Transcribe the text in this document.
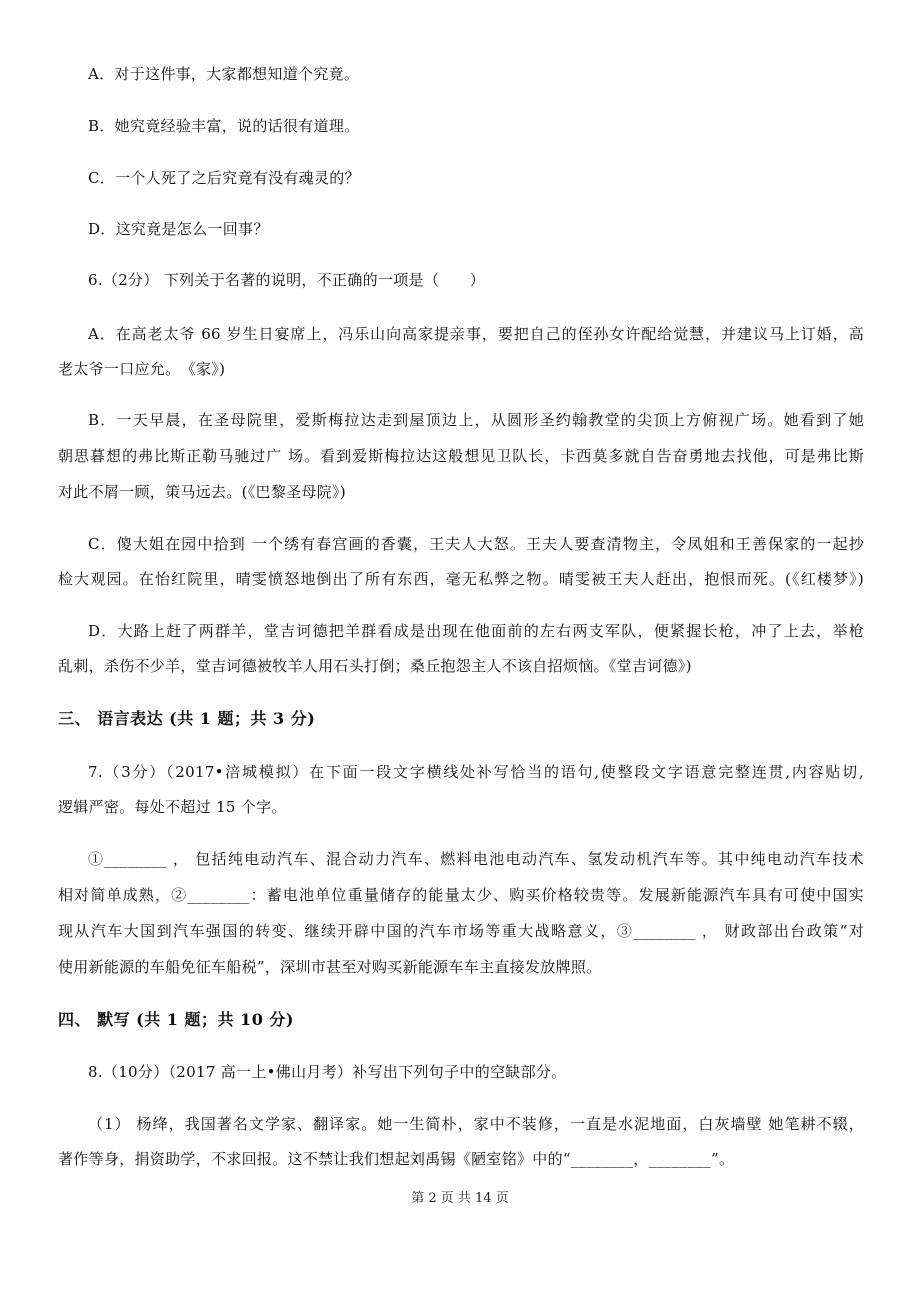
A．对于这件事，大家都想知道个究竟。
B．她究竟经验丰富，说的话很有道理。
C．一个人死了之后究竟有没有魂灵的？
D．这究竟是怎么一回事？
6.（2分） 下列关于名著的说明，不正确的一项是（　　）
A．在高老太爷 66 岁生日宴席上，冯乐山向高家提亲事，要把自己的侄孙女许配给觉慧，并建议马上订婚，高
老太爷一口应允。　《家》)
B．一天早晨，在圣母院里，爱斯梅拉达走到屋顶边上，从圆形圣约翰教堂的尖顶上方俯视广场。她看到了她
朝思暮想的弗比斯正勒马驰过广 场。看到爱斯梅拉达这般想见卫队长，卡西莫多就自告奋勇地去找他，可是弗比斯
对此不屑一顾，策马远去。(《巴黎圣母院》)
C．傻大姐在园中拾到 一个绣有春宫画的香囊，王夫人大怒。王夫人要查清物主，令凤姐和王善保家的一起抄
检大观园。在怡红院里，晴雯愤怒地倒出了所有东西，毫无私弊之物。晴雯被王夫人赶出，抱恨而死。(《红楼梦》)
D．大路上赶了两群羊，堂吉诃德把羊群看成是出现在他面前的左右两支军队，便紧握长枪，冲了上去，举枪
乱刺，杀伤不少羊，堂吉诃德被牧羊人用石头打倒；桑丘抱怨主人不该自招烦恼。《堂吉诃德》)
三、 语言表达 (共 1 题；共 3 分)
7.（3分）（2017•涪城模拟）在下面一段文字横线处补写恰当的语句,使整段文字语意完整连贯,内容贴切,
逻辑严密。每处不超过 15 个字。
①________ ， 包括纯电动汽车、混合动力汽车、燃料电池电动汽车、氢发动机汽车等。其中纯电动汽车技术
相对简单成熟，②________：蓄电池单位重量储存的能量太少、购买价格较贵等。发展新能源汽车具有可使中国实
现从汽车大国到汽车强国的转变、继续开辟中国的汽车市场等重大战略意义，③________ ， 财政部出台政策“对
使用新能源的车船免征车船税”，深圳市甚至对购买新能源车车主直接发放牌照。
四、 默写 (共 1 题；共 10 分)
8.（10分）（2017 高一上•佛山月考）补写出下列句子中的空缺部分。
（1） 杨绛，我国著名文学家、翻译家。她一生简朴，家中不装修，一直是水泥地面，白灰墙壁 她笔耕不辍，
著作等身，捐资助学，不求回报。这不禁让我们想起刘禹锡《陋室铭》中的“________，________”。
第 2 页 共 14 页
